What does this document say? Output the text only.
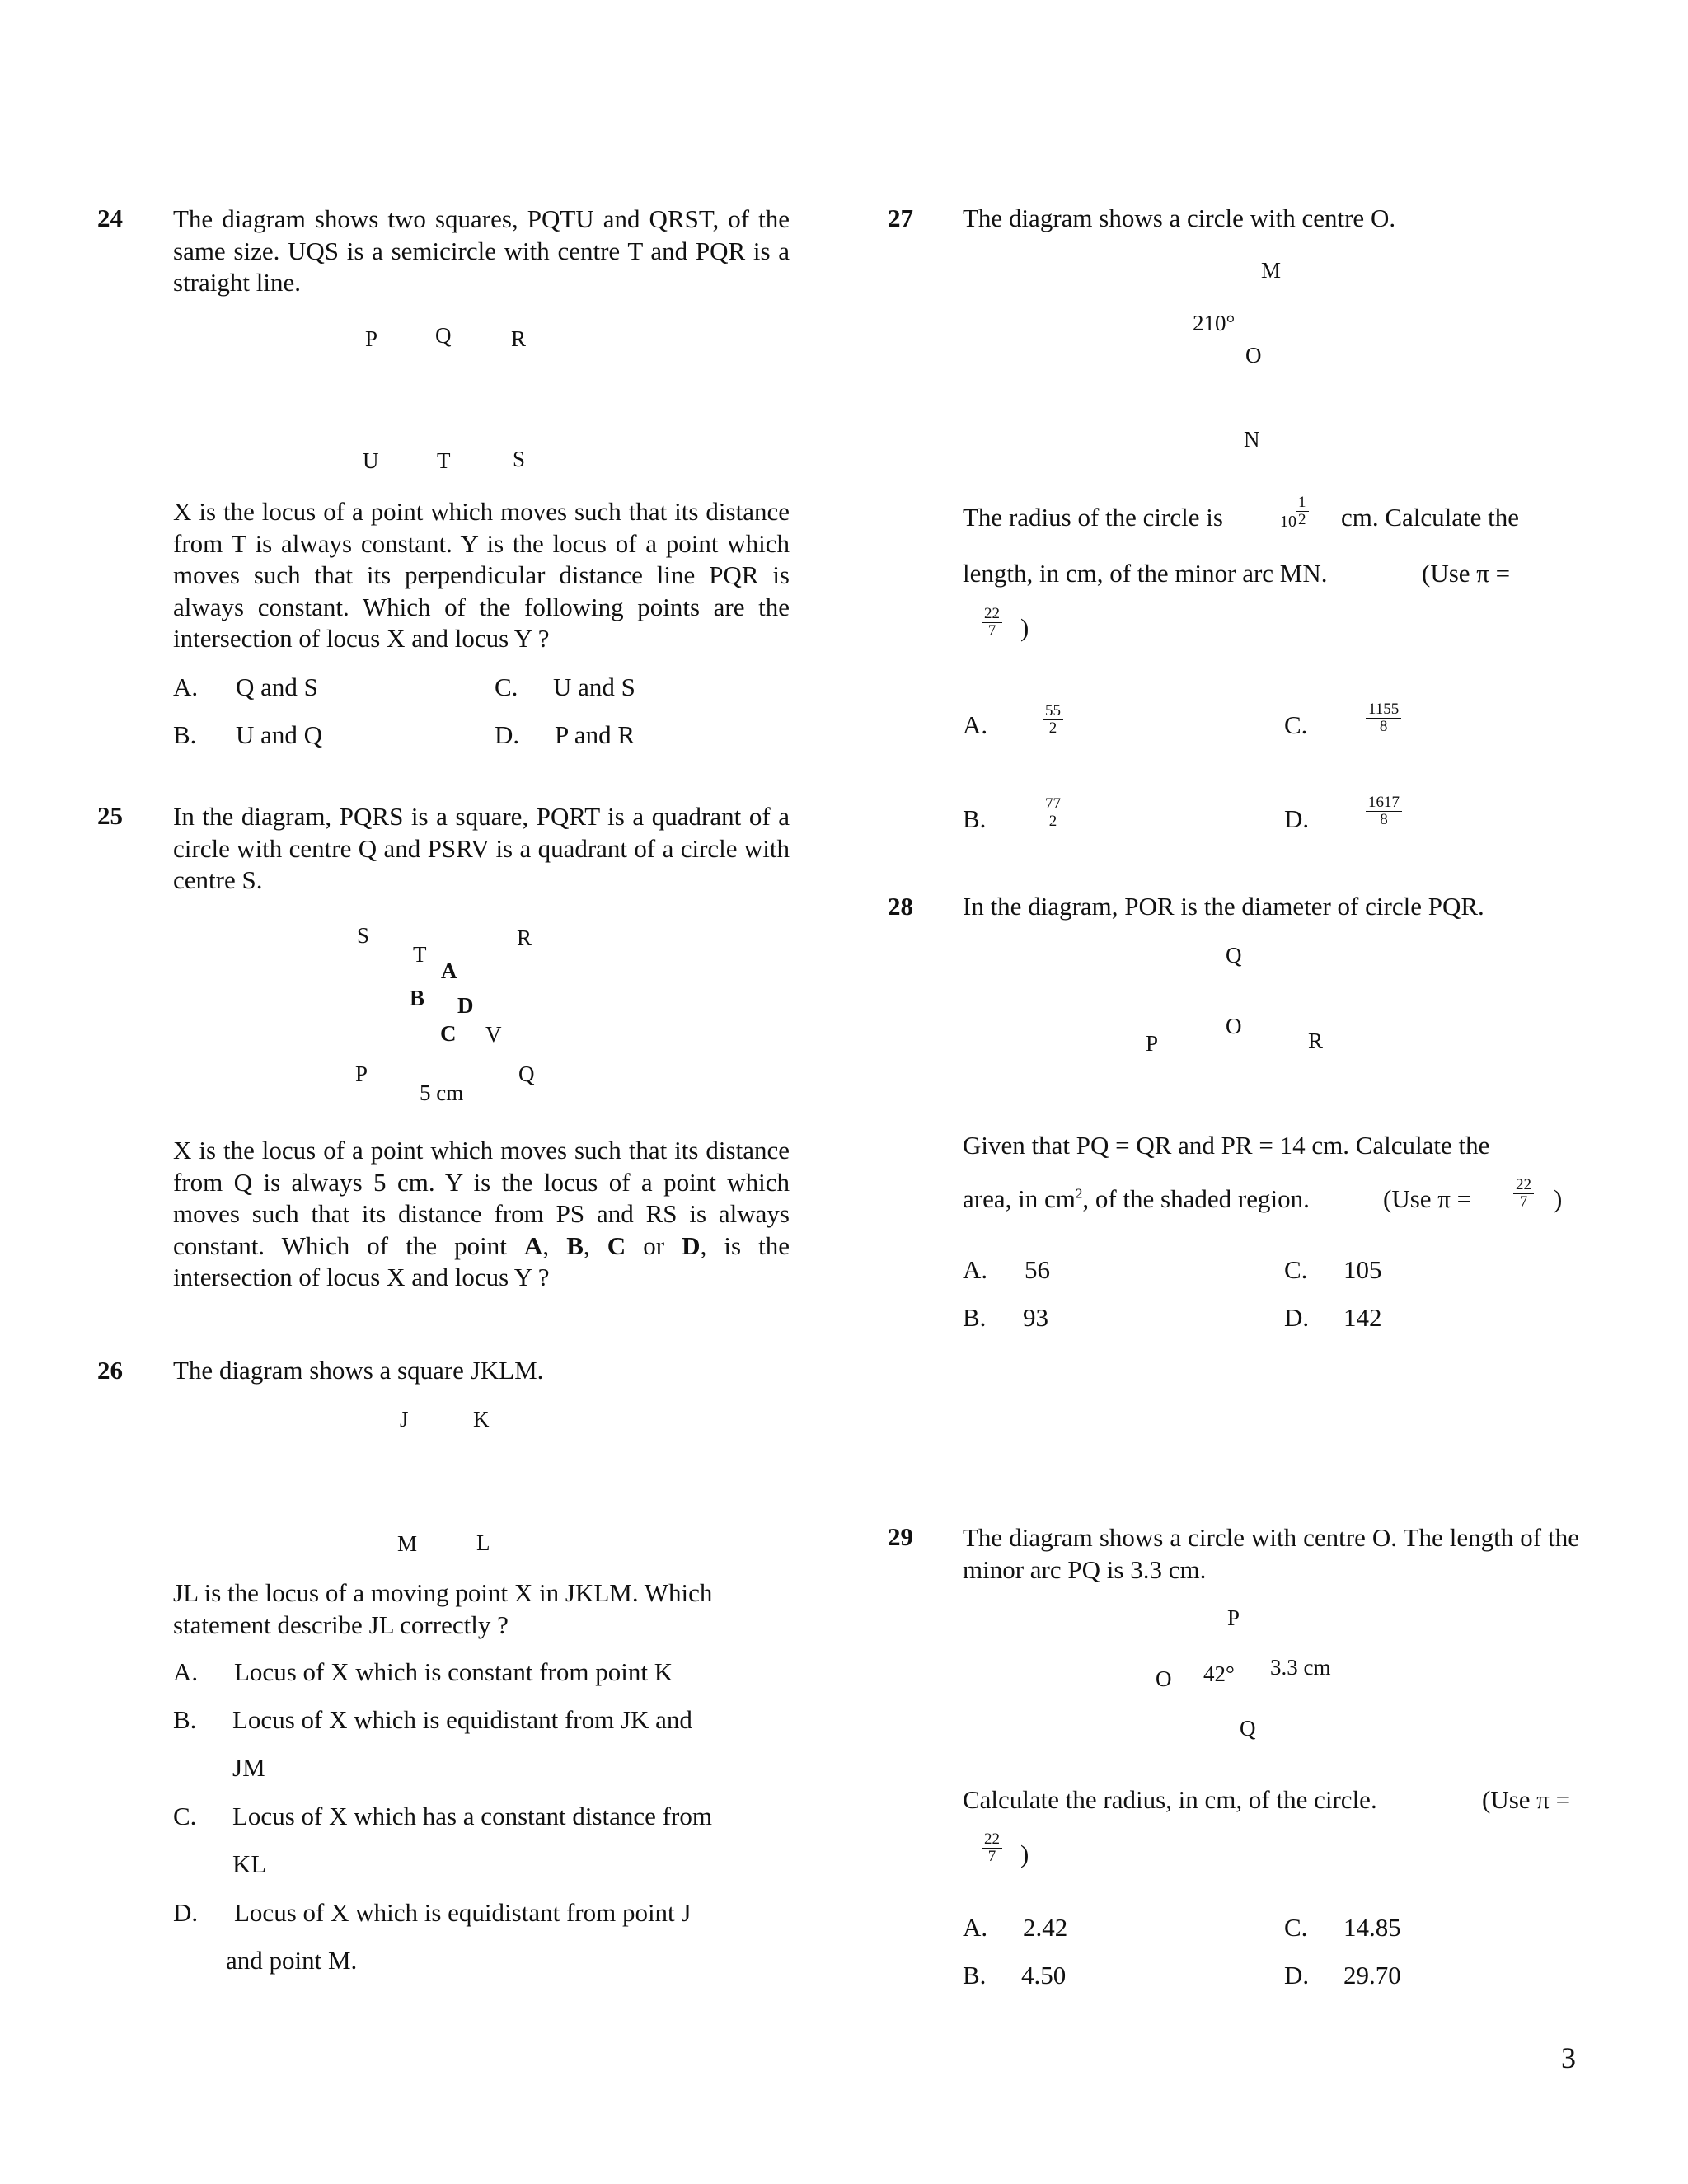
24 The diagram shows two squares, PQTU and QRST, of the same size. UQS is a semicircle with centre T and PQR is a straight line.
P	Q	R
U	T	S
X is the locus of a point which moves such that its distance from T is always constant. Y is the locus of a point which moves such that its perpendicular distance line PQR is always constant. Which of the following points are the intersection of locus X and locus Y ?
A. Q and S	C. U and S
B. U and Q	D. P and R
25 In the diagram, PQRS is a square, PQRT is a quadrant of a circle with centre Q and PSRV is a quadrant of a circle with centre S.
S	R
T
A
B D
C V
P	Q
5 cm
X is the locus of a point which moves such that its distance from Q is always 5 cm. Y is the locus of a point which moves such that its distance from PS and RS is always constant. Which of the point A, B, C or D, is the intersection of locus X and locus Y ?
26 The diagram shows a square JKLM.
J	K
M	L
JL is the locus of a moving point X in JKLM. Which statement describe JL correctly ?
A. Locus of X which is constant from point K
B. Locus of X which is equidistant from JK and
JM
C. Locus of X which has a constant distance from
KL
D. Locus of X which is equidistant from point J
and point M.
27 The diagram shows a circle with centre O.
M
210°
O
N
The radius of the circle is	$10 \frac{1}{2}$ cm. Calculate the
length, in cm, of the minor arc MN.	(Use π =
$\frac{22}{7}$ )
A.	$\frac{55}{2}$	C.	$\frac{1155}{8}$
B.	$\frac{77}{2}$	D.	$\frac{1617}{8}$
28 In the diagram, POR is the diameter of circle PQR.
Q
O
P	R
Given that PQ = QR and PR = 14 cm. Calculate the
area, in $cm^2$, of the shaded region.	(Use π =	$\frac{22}{7}$ )
A. 56	C. 105
B. 93	D. 142
29 The diagram shows a circle with centre O. The length of the minor arc PQ is 3.3 cm.
P
O 42° 3.3 cm
Q
Calculate the radius, in cm, of the circle.	(Use π =
$\frac{22}{7}$ )
A. 2.42	C. 14.85
B. 4.50	D. 29.70
3
